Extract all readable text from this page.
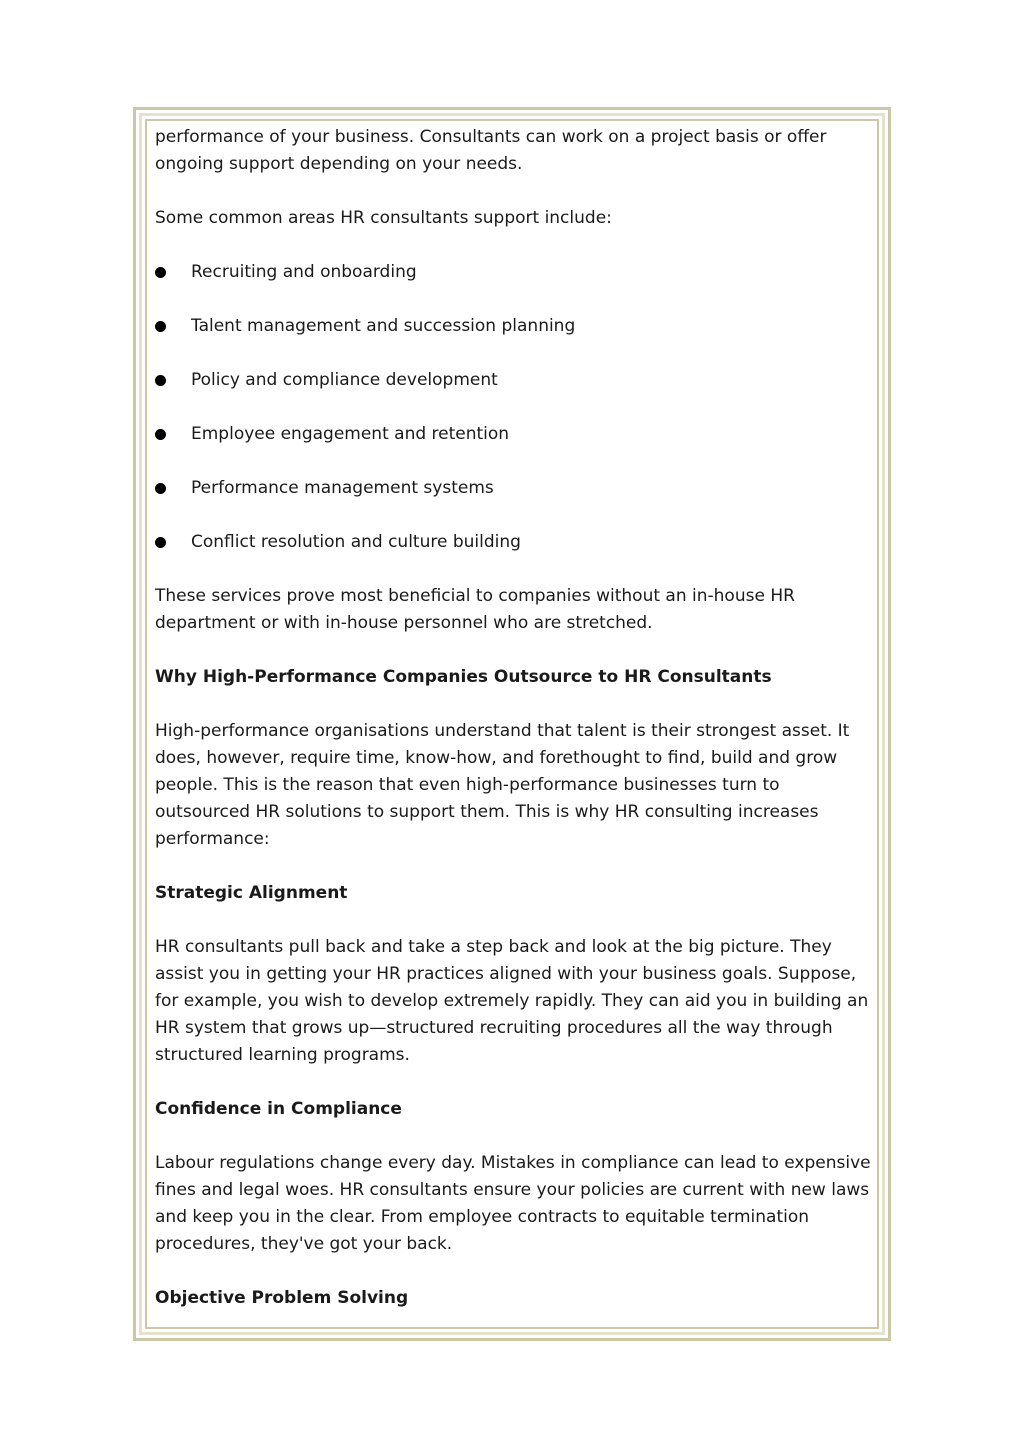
performance of your business. Consultants can work on a project basis or offer ongoing support depending on your needs.

Some common areas HR consultants support include:

Recruiting and onboarding
Talent management and succession planning
Policy and compliance development
Employee engagement and retention
Performance management systems
Conflict resolution and culture building

These services prove most beneficial to companies without an in-house HR department or with in-house personnel who are stretched.

Why High-Performance Companies Outsource to HR Consultants

High-performance organisations understand that talent is their strongest asset. It does, however, require time, know-how, and forethought to find, build and grow people. This is the reason that even high-performance businesses turn to outsourced HR solutions to support them. This is why HR consulting increases performance:

Strategic Alignment

HR consultants pull back and take a step back and look at the big picture. They assist you in getting your HR practices aligned with your business goals. Suppose, for example, you wish to develop extremely rapidly. They can aid you in building an HR system that grows up—structured recruiting procedures all the way through structured learning programs.

Confidence in Compliance

Labour regulations change every day. Mistakes in compliance can lead to expensive fines and legal woes. HR consultants ensure your policies are current with new laws and keep you in the clear. From employee contracts to equitable termination procedures, they've got your back.

Objective Problem Solving
